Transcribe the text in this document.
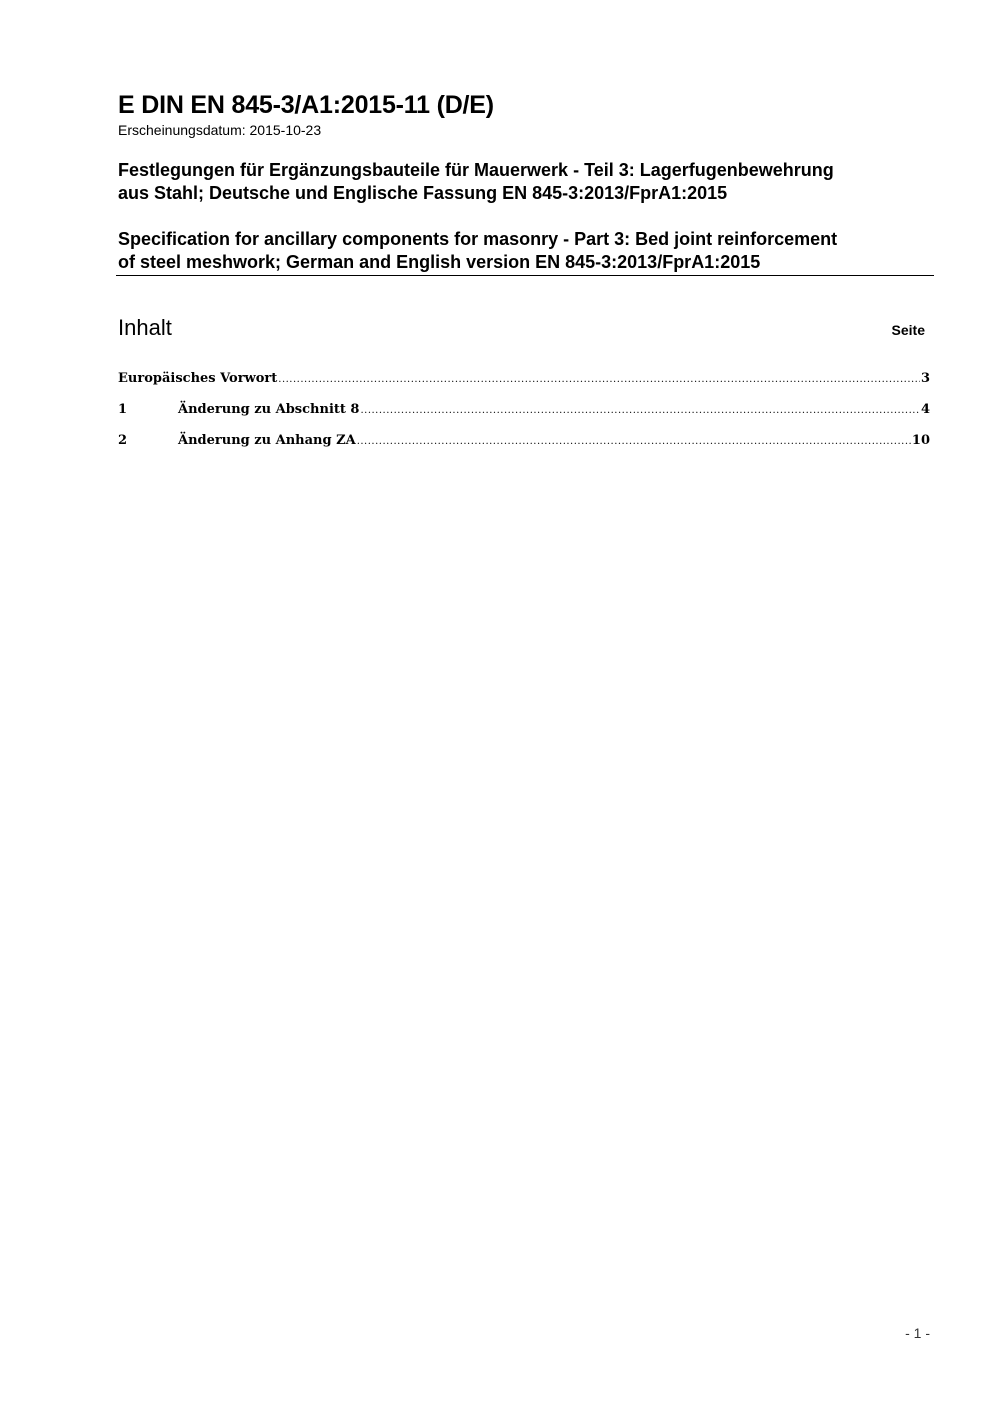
E DIN EN 845-3/A1:2015-11 (D/E)
Erscheinungsdatum: 2015-10-23
Festlegungen für Ergänzungsbauteile für Mauerwerk - Teil 3: Lagerfugenbewehrung
aus Stahl; Deutsche und Englische Fassung EN 845-3:2013/FprA1:2015
Specification for ancillary components for masonry - Part 3: Bed joint reinforcement
of steel meshwork; German and English version EN 845-3:2013/FprA1:2015
Inhalt	Seite
Europäisches Vorwort .....	3
1	Änderung zu Abschnitt 8 .....	4
2	Änderung zu Anhang ZA .....	10
- 1 -
